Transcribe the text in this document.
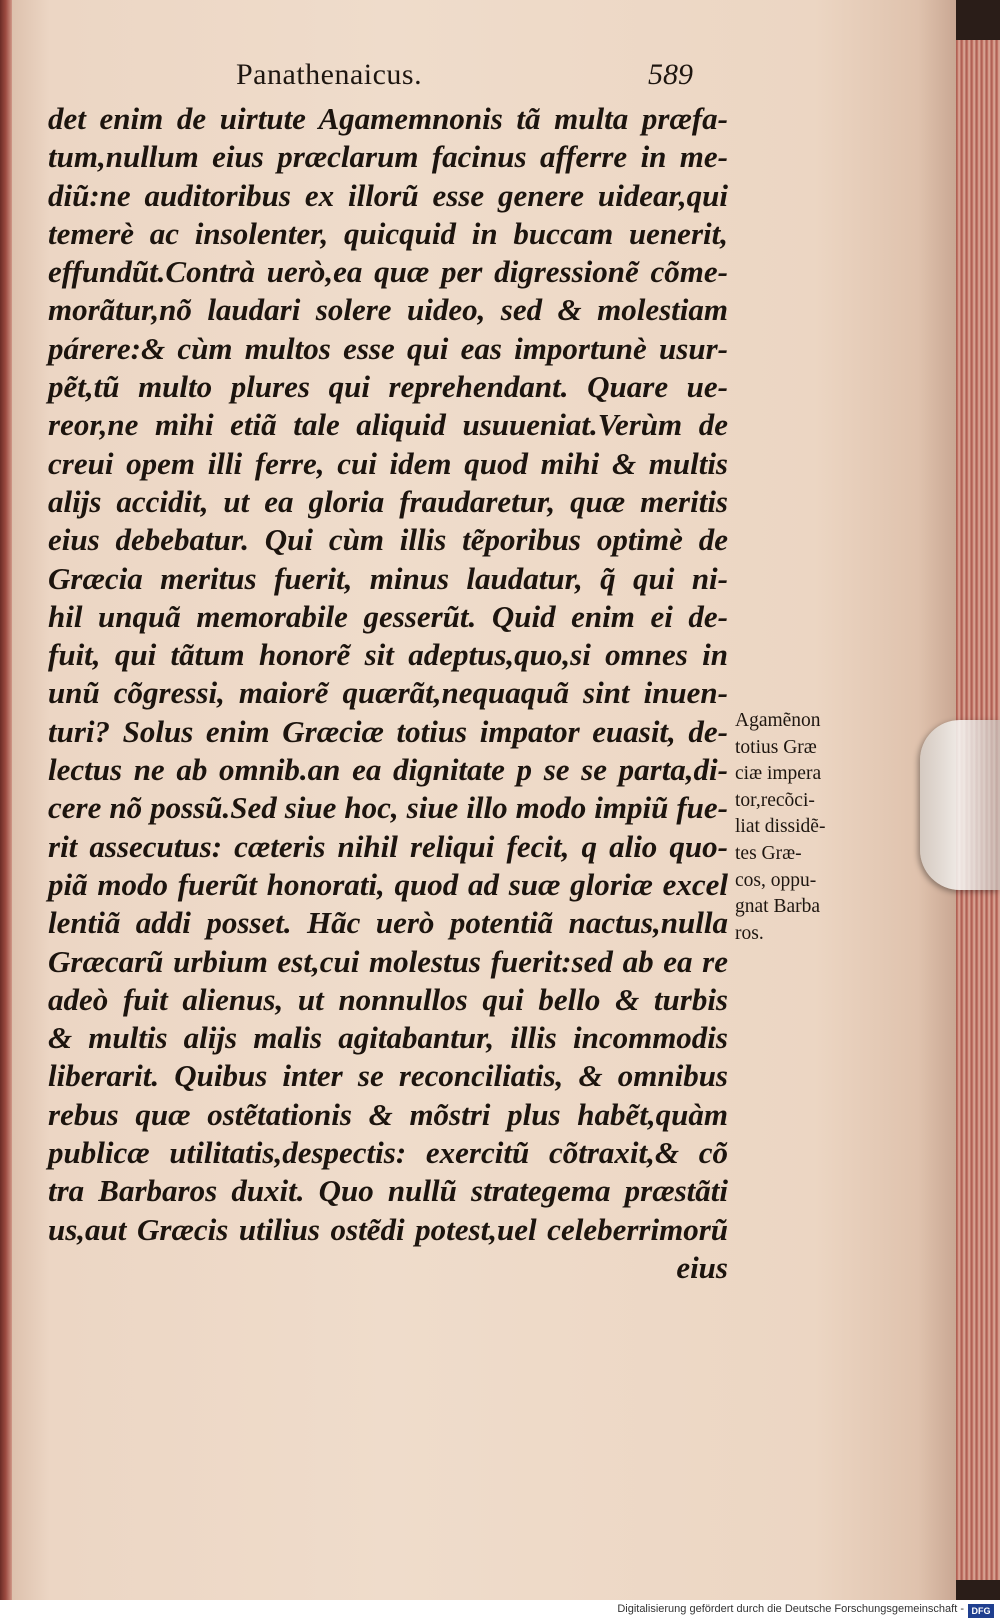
Panathenaicus.	589
det enim de uirtute Agamemnonis tã multa præfa-
tum,nullum eius præclarum facinus afferre in me-
diũ:ne auditoribus ex illorũ esse genere uidear,qui
temerè ac insolenter, quicquid in buccam uenerit,
effundũt.Contrà uerò,ea quæ per digressionẽ cõme-
morãtur,nõ laudari solere uideo, sed & molestiam
párere:& cùm multos esse qui eas importunè usur-
pẽt,tũ multo plures qui reprehendant. Quare ue-
reor,ne mihi etiã tale aliquid usuueniat.Verùm de
creui opem illi ferre, cui idem quod mihi & multis
alijs accidit, ut ea gloria fraudaretur, quæ meritis
eius debebatur. Qui cùm illis tẽporibus optimè de
Græcia meritus fuerit, minus laudatur, q̃ qui ni-
hil unquã memorabile gesserũt. Quid enim ei de-
fuit, qui tãtum honorẽ sit adeptus,quo,si omnes in
unũ cõgressi, maiorẽ quærãt,nequaquã sint inuen-
turi? Solus enim Græciæ totius impator euasit, de-
lectus ne ab omnib.an ea dignitate p se se parta,di-
cere nõ possũ.Sed siue hoc, siue illo modo impiũ fue-
rit assecutus: cæteris nihil reliqui fecit, q alio quo-
piã modo fuerũt honorati, quod ad suæ gloriæ excel
lentiã addi posset. Hãc uerò potentiã nactus,nulla
Græcarũ urbium est,cui molestus fuerit:sed ab ea re
adeò fuit alienus, ut nonnullos qui bello & turbis
& multis alijs malis agitabantur, illis incommodis
liberarit. Quibus inter se reconciliatis, & omnibus
rebus quæ ostẽtationis & mõstri plus habẽt,quàm
publicæ utilitatis,despectis: exercitũ cõtraxit,& cõ
tra Barbaros duxit. Quo nullũ strategema præstãti
us,aut Græcis utilius ostẽdi potest,uel celeberrimorũ
eius
Agamẽnon
totius Græ
ciæ impera
tor,recõci-
liat dissidẽ-
tes Græ-
cos, oppu-
gnat Barba
ros.
Digitalisierung gefördert durch die Deutsche Forschungsgemeinschaft - DFG
